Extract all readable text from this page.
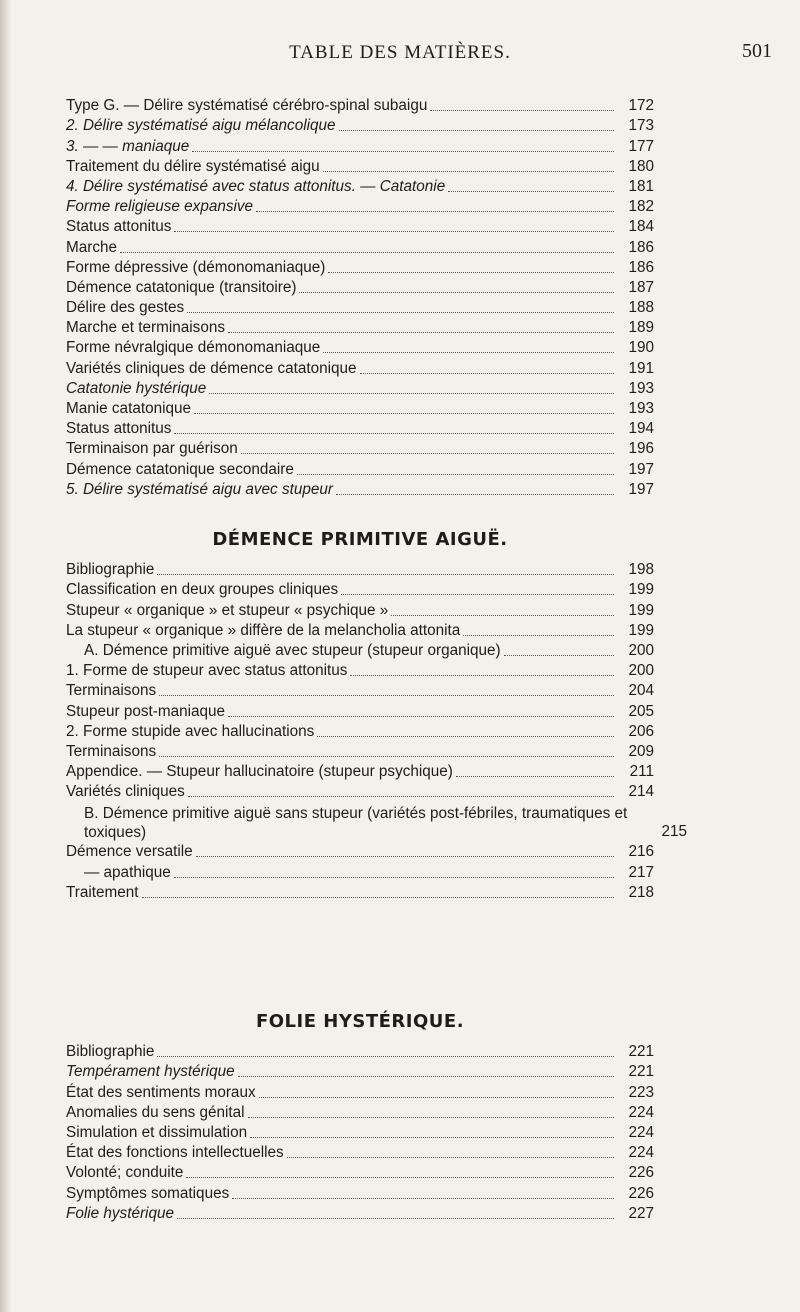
TABLE DES MATIÈRES.	501
Type G. — Délire systématisé cérébro-spinal subaigu	172
2. Délire systématisé aigu mélancolique	173
3. — — maniaque	177
Traitement du délire systématisé aigu	180
4. Délire systématisé avec status attonitus. — Catatonie	181
Forme religieuse expansive	182
Status attonitus	184
Marche	186
Forme dépressive (démonomaniaque)	186
Démence catatonique (transitoire)	187
Délire des gestes	188
Marche et terminaisons	189
Forme névralgique démonomaniaque	190
Variétés cliniques de démence catatonique	191
Catatonie hystérique	193
Manie catatonique	193
Status attonitus	194
Terminaison par guérison	196
Démence catatonique secondaire	197
5. Délire systématisé aigu avec stupeur	197
DÉMENCE PRIMITIVE AIGUË.
Bibliographie	198
Classification en deux groupes cliniques	199
Stupeur « organique » et stupeur « psychique »	199
La stupeur « organique » diffère de la melancholia attonita	199
A. Démence primitive aiguë avec stupeur (stupeur organique)	200
1. Forme de stupeur avec status attonitus	200
Terminaisons	204
Stupeur post-maniaque	205
2. Forme stupide avec hallucinations	206
Terminaisons	209
Appendice. — Stupeur hallucinatoire (stupeur psychique)	211
Variétés cliniques	214
B. Démence primitive aiguë sans stupeur (variétés post-fébriles, traumatiques et toxiques)	215
Démence versatile	216
— apathique	217
Traitement	218
FOLIE HYSTÉRIQUE.
Bibliographie	221
Tempérament hystérique	221
État des sentiments moraux	223
Anomalies du sens génital	224
Simulation et dissimulation	224
État des fonctions intellectuelles	224
Volonté; conduite	226
Symptômes somatiques	226
Folie hystérique	227
